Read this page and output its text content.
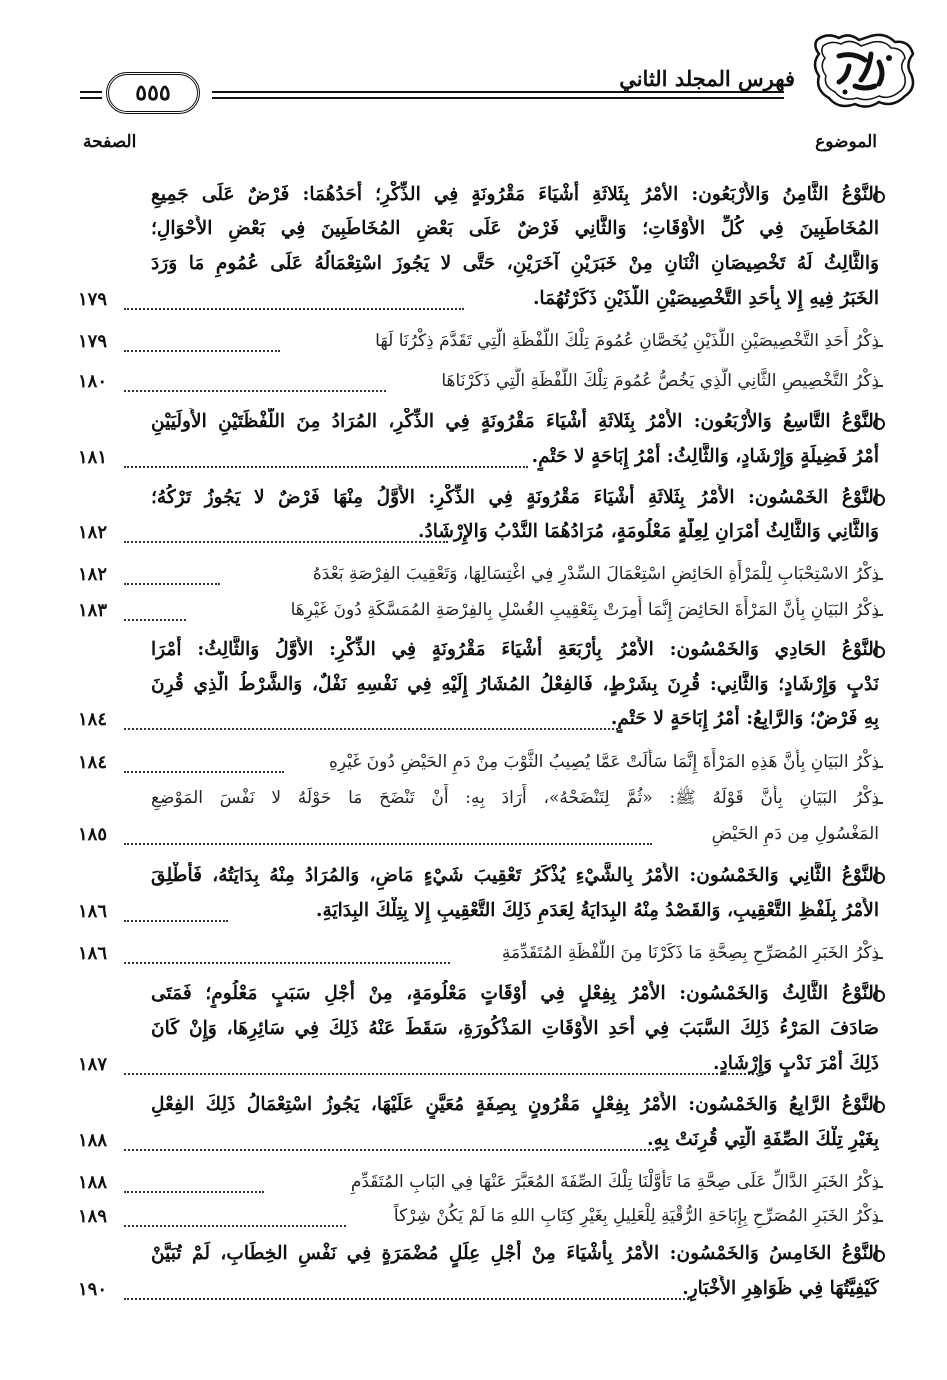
فهرس المجلد الثاني
٥٥٥
الموضوع
الصفحة
النَّوْعُ الثَّامِنُ وَالأَرْبَعُون: الأمْرُ بِثَلاثَةِ أَشْيَاءَ مَقْرُونَةٍ فِي الذِّكْرِ؛ أَحَدُهُمَا: فَرْضٌ عَلَى جَمِيعِ
المُخَاطَبِينَ فِي كُلِّ الأَوْقَاتِ؛ وَالثَّانِي فَرْضٌ عَلَى بَعْضِ المُخَاطَبِينَ فِي بَعْضِ الأَحْوَالِ؛
وَالثَّالِثُ لَهُ تَخْصِيصَانِ اثْنَانِ مِنْ خَبَرَيْنِ آخَرَيْنِ، حَتَّى لا يَجُوزَ اسْتِعْمَالُهُ عَلَى عُمُومِ مَا وَرَدَ
الخَبَرُ فِيهِ إِلا بِأَحَدِ التَّخْصِيصَيْنِ اللَّذَيْنِ ذَكَرْتُهُمَا.
١٧٩
ذِكْرُ أَحَدِ التَّخْصِيصَيْنِ اللَّذَيْنِ يُخَصَّانِ عُمُومَ تِلْكَ اللَّفْظَةِ الَّتِي تَقَدَّمَ ذِكْرُنَا لَهَا
١٧٩
ذِكْرُ التَّخْصِيصِ الثَّانِي الَّذِي يَخُصُّ عُمُومَ تِلْكَ اللَّفْظَةِ الَّتِي ذَكَرْنَاهَا
١٨٠
النَّوْعُ التَّاسِعُ وَالأَرْبَعُون: الأَمْرُ بِثَلاثَةِ أَشْيَاءَ مَقْرُونَةٍ فِي الذِّكْرِ، المُرَادُ مِنَ اللَّفْظَتَيْنِ الأُولَيَيْنِ
أَمْرُ فَضِيلَةٍ وَإِرْشَادٍ، وَالثَّالِثُ: أَمْرُ إِبَاحَةٍ لا حَتْمٍ.
١٨١
النَّوْعُ الخَمْسُون: الأَمْرُ بِثَلاثَةِ أَشْيَاءَ مَقْرُونَةٍ فِي الذِّكْرِ: الأَوَّلُ مِنْهَا فَرْضٌ لا يَجُوزُ تَرْكُهُ؛
وَالثَّانِي وَالثَّالِثُ أَمْرَانِ لِعِلَّةٍ مَعْلُومَةٍ، مُرَادُهُمَا النَّدْبُ وَالإِرْشَادُ.
١٨٢
ذِكْرُ الاسْتِحْبَابِ لِلْمَرْأَةِ الحَائِضِ اسْتِعْمَالَ السِّدْرِ فِي اغْتِسَالِهَا، وَتَعْقِيبَ الفِرْصَةِ بَعْدَهُ
١٨٢
ذِكْرُ البَيَانِ بِأَنَّ المَرْأَةَ الحَائِضَ إِنَّمَا أُمِرَتْ بِتَعْقِيبِ الغُسْلِ بِالفِرْصَةِ المُمَسَّكَةِ دُونَ غَيْرِهَا
١٨٣
النَّوْعُ الحَادِي وَالخَمْسُون: الأَمْرُ بِأَرْبَعَةِ أَشْيَاءَ مَقْرُونَةٍ فِي الذِّكْرِ: الأَوَّلُ وَالثَّالِثُ: أَمْرَا
نَدْبٍ وَإِرْشَادٍ؛ وَالثَّانِي: قُرِنَ بِشَرْطٍ، فَالفِعْلُ المُشَارُ إِلَيْهِ فِي نَفْسِهِ نَفْلٌ، وَالشَّرْطُ الَّذِي قُرِنَ
بِهِ فَرْضٌ؛ وَالرَّابِعُ: أَمْرُ إِبَاحَةٍ لا حَتْمٍ.
١٨٤
ذِكْرُ البَيَانِ بِأَنَّ هَذِهِ المَرْأَةَ إِنَّمَا سَأَلَتْ عَمَّا يُصِيبُ الثَّوْبَ مِنْ دَمِ الحَيْضِ دُونَ غَيْرِهِ
١٨٤
ذِكْرُ البَيَانِ بِأَنَّ قَوْلَهُ ﷺ: «ثُمَّ لِتَنْضَحْهُ»، أَرَادَ بِهِ: أَنْ تَنْضَحَ مَا حَوْلَهُ لا نَفْسَ المَوْضِعِ
المَغْسُولِ مِن دَمِ الحَيْضِ
١٨٥
النَّوْعُ الثَّانِي وَالخَمْسُون: الأَمْرُ بِالشَّيْءِ يُذْكَرُ تَعْقِيبَ شَيْءٍ مَاضٍ، وَالمُرَادُ مِنْهُ بِدَايَتُهُ، فَأُطْلِقَ
الأَمْرُ بِلَفْظِ التَّعْقِيبِ، وَالقَصْدُ مِنْهُ البِدَايَةُ لِعَدَمِ ذَلِكَ التَّعْقِيبِ إِلا بِتِلْكَ البِدَايَةِ.
١٨٦
ذِكْرُ الخَبَرِ المُصَرِّحِ بِصِحَّةِ مَا ذَكَرْنَا مِنَ اللَّفْظَةِ المُتَقَدِّمَةِ
١٨٦
النَّوْعُ الثَّالِثُ وَالخَمْسُون: الأَمْرُ بِفِعْلٍ فِي أَوْقَاتٍ مَعْلُومَةٍ، مِنْ أَجْلِ سَبَبٍ مَعْلُومٍ؛ فَمَتَى
صَادَفَ المَرْءُ ذَلِكَ السَّبَبَ فِي أَحَدِ الأَوْقَاتِ المَذْكُورَةِ، سَقَطَ عَنْهُ ذَلِكَ فِي سَائِرِهَا، وَإِنْ كَانَ
ذَلِكَ أَمْرَ نَدْبٍ وَإِرْشَادٍ.
١٨٧
النَّوْعُ الرَّابِعُ وَالخَمْسُون: الأَمْرُ بِفِعْلٍ مَقْرُونٍ بِصِفَةٍ مُعَيَّنٍ عَلَيْهَا، يَجُوزُ اسْتِعْمَالُ ذَلِكَ الفِعْلِ
بِغَيْرِ تِلْكَ الصِّفَةِ الَّتِي قُرِنَتْ بِهِ.
١٨٨
ذِكْرُ الخَبَرِ الدَّالِّ عَلَى صِحَّةِ مَا تَأَوَّلْنَا تِلْكَ الصِّفَةَ المُعَبَّرَ عَنْهَا فِي البَابِ المُتَقَدِّمِ
١٨٨
ذِكْرُ الخَبَرِ المُصَرِّحِ بِإِبَاحَةِ الرُّقْيَةِ لِلْعَلِيلِ بِغَيْرِ كِتَابِ اللهِ مَا لَمْ يَكُنْ شِرْكاً
١٨٩
النَّوْعُ الخَامِسُ وَالخَمْسُون: الأَمْرُ بِأَشْيَاءَ مِنْ أَجْلِ عِلَلٍ مُضْمَرَةٍ فِي نَفْسِ الخِطَابِ، لَمْ تُبَيَّنْ
كَيْفِيَّتُهَا فِي ظَوَاهِرِ الأَخْبَارِ.
١٩٠
